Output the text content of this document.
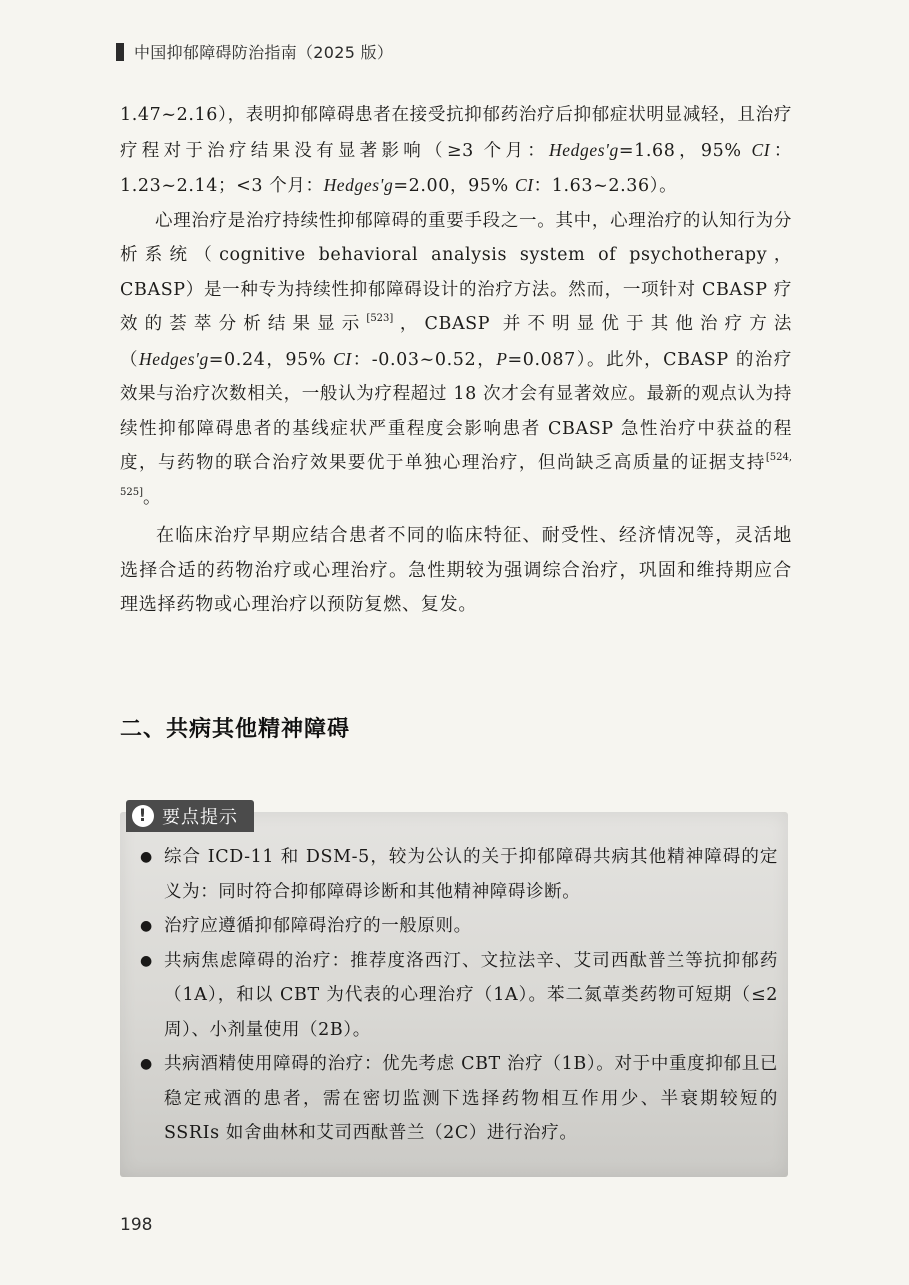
中国抑郁障碍防治指南（2025 版）

1.47~2.16），表明抑郁障碍患者在接受抗抑郁药治疗后抑郁症状明显减轻，且治疗疗程对于治疗结果没有显著影响（≥3 个月：Hedges'g=1.68，95% CI：1.23~2.14；<3 个月：Hedges'g=2.00，95% CI：1.63~2.36）。

心理治疗是治疗持续性抑郁障碍的重要手段之一。其中，心理治疗的认知行为分析系统（cognitive behavioral analysis system of psychotherapy，CBASP）是一种专为持续性抑郁障碍设计的治疗方法。然而，一项针对 CBASP 疗效的荟萃分析结果显示[523]，CBASP 并不明显优于其他治疗方法（Hedges'g=0.24，95% CI：-0.03~0.52，P=0.087）。此外，CBASP 的治疗效果与治疗次数相关，一般认为疗程超过 18 次才会有显著效应。最新的观点认为持续性抑郁障碍患者的基线症状严重程度会影响患者 CBASP 急性治疗中获益的程度，与药物的联合治疗效果要优于单独心理治疗，但尚缺乏高质量的证据支持[524, 525]。

在临床治疗早期应结合患者不同的临床特征、耐受性、经济情况等，灵活地选择合适的药物治疗或心理治疗。急性期较为强调综合治疗，巩固和维持期应合理选择药物或心理治疗以预防复燃、复发。

二、共病其他精神障碍
! 要点提示
● 综合 ICD-11 和 DSM-5，较为公认的关于抑郁障碍共病其他精神障碍的定义为：同时符合抑郁障碍诊断和其他精神障碍诊断。
● 治疗应遵循抑郁障碍治疗的一般原则。
● 共病焦虑障碍的治疗：推荐度洛西汀、文拉法辛、艾司西酞普兰等抗抑郁药（1A），和以 CBT 为代表的心理治疗（1A）。苯二氮䓬类药物可短期（≤2 周）、小剂量使用（2B）。
● 共病酒精使用障碍的治疗：优先考虑 CBT 治疗（1B）。对于中重度抑郁且已稳定戒酒的患者，需在密切监测下选择药物相互作用少、半衰期较短的 SSRIs 如舍曲林和艾司西酞普兰（2C）进行治疗。
198
